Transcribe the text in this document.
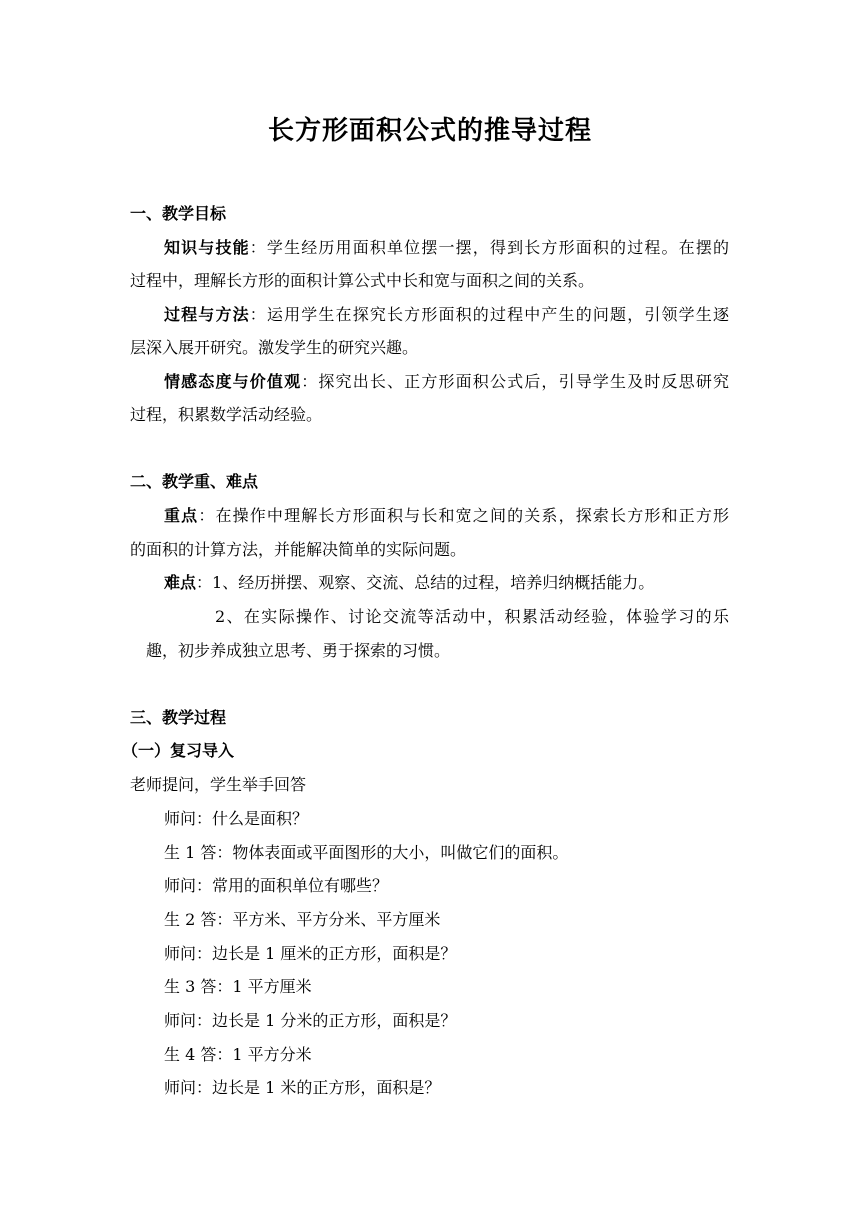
长方形面积公式的推导过程
一、教学目标
知识与技能：学生经历用面积单位摆一摆，得到长方形面积的过程。在摆的
过程中，理解长方形的面积计算公式中长和宽与面积之间的关系。
过程与方法：运用学生在探究长方形面积的过程中产生的问题，引领学生逐
层深入展开研究。激发学生的研究兴趣。
情感态度与价值观：探究出长、正方形面积公式后，引导学生及时反思研究
过程，积累数学活动经验。
二、教学重、难点
重点：在操作中理解长方形面积与长和宽之间的关系，探索长方形和正方形
的面积的计算方法，并能解决简单的实际问题。
难点：1、经历拼摆、观察、交流、总结的过程，培养归纳概括能力。
2、在实际操作、讨论交流等活动中，积累活动经验，体验学习的乐
趣，初步养成独立思考、勇于探索的习惯。
三、教学过程
（一）复习导入
老师提问，学生举手回答
师问：什么是面积？
生 1 答：物体表面或平面图形的大小，叫做它们的面积。
师问：常用的面积单位有哪些？
生 2 答：平方米、平方分米、平方厘米
师问：边长是 1 厘米的正方形，面积是？
生 3 答：1 平方厘米
师问：边长是 1 分米的正方形，面积是？
生 4 答：1 平方分米
师问：边长是 1 米的正方形，面积是？
